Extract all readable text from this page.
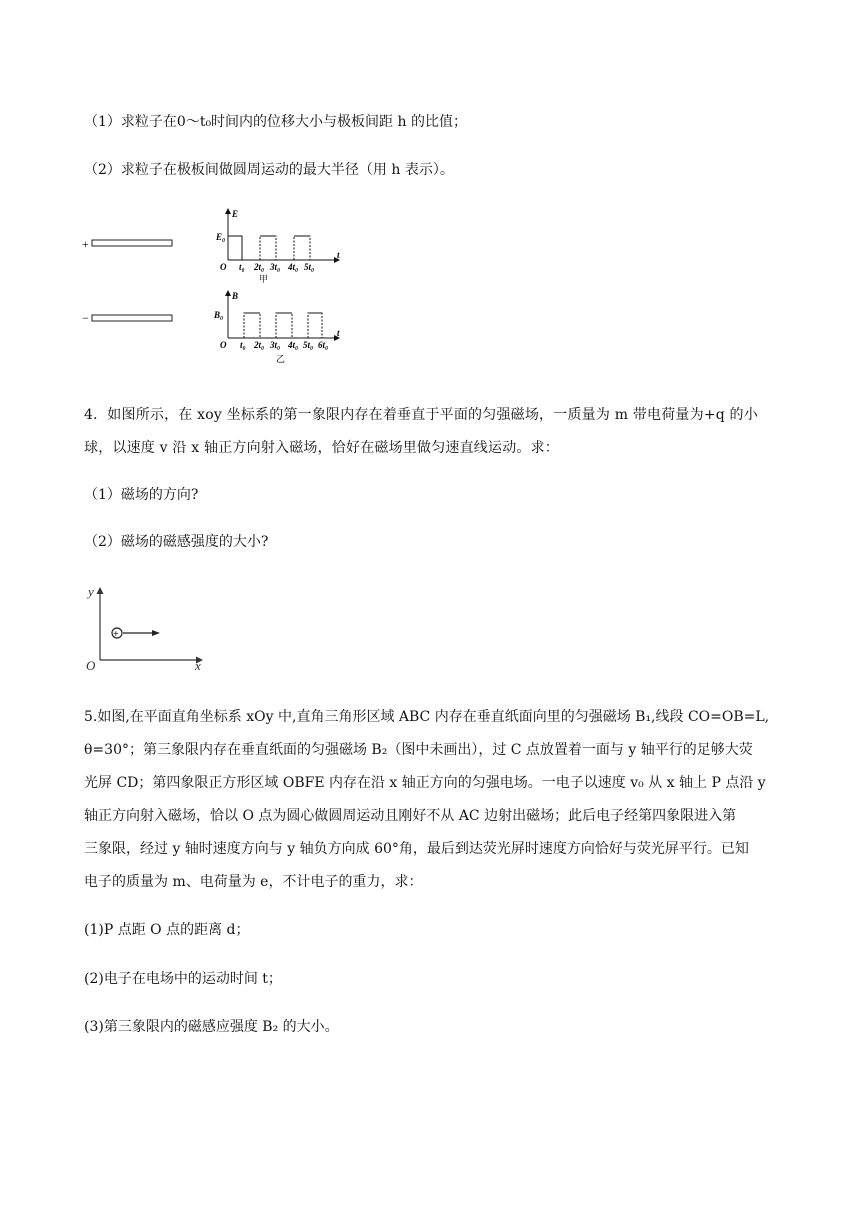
（1）求粒子在0～t₀时间内的位移大小与极板间距 h 的比值；
（2）求粒子在极板间做圆周运动的最大半径（用 h 表示）。
+
−
E
E₀
O
t
t₀ 2t₀ 3t₀ 4t₀ 5t₀
甲
B
B₀
O
t
t₀ 2t₀ 3t₀ 4t₀ 5t₀ 6t₀
乙
4．如图所示，在 xoy 坐标系的第一象限内存在着垂直于平面的匀强磁场，一质量为 m 带电荷量为+q 的小
球，以速度 v 沿 x 轴正方向射入磁场，恰好在磁场里做匀速直线运动。求：
（1）磁场的方向?
（2）磁场的磁感强度的大小?
y
x
O
+
5.如图,在平面直角坐标系 xOy 中,直角三角形区域 ABC 内存在垂直纸面向里的匀强磁场 B₁,线段 CO=OB=L,
θ=30°；第三象限内存在垂直纸面的匀强磁场 B₂（图中未画出），过 C 点放置着一面与 y 轴平行的足够大荧
光屏 CD；第四象限正方形区域 OBFE 内存在沿 x 轴正方向的匀强电场。一电子以速度 v₀ 从 x 轴上 P 点沿 y
轴正方向射入磁场，恰以 O 点为圆心做圆周运动且刚好不从 AC 边射出磁场；此后电子经第四象限进入第
三象限，经过 y 轴时速度方向与 y 轴负方向成 60°角，最后到达荧光屏时速度方向恰好与荧光屏平行。已知
电子的质量为 m、电荷量为 e，不计电子的重力，求：
(1)P 点距 O 点的距离 d；
(2)电子在电场中的运动时间 t；
(3)第三象限内的磁感应强度 B₂ 的大小。
